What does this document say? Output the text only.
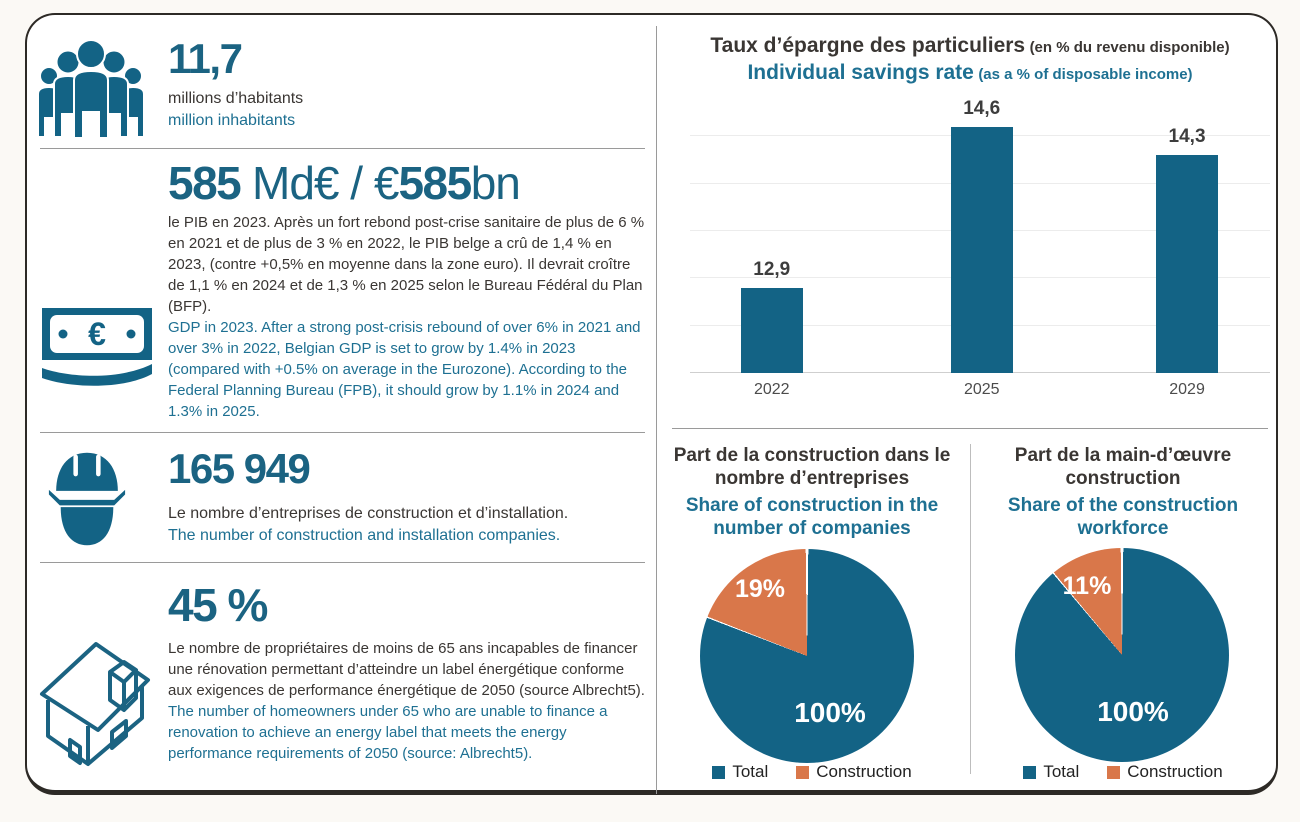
11,7
millions d’habitants
million inhabitants
585 Md€ / €585bn
le PIB en 2023. Après un fort rebond post-crise sanitaire de plus de 6 % en 2021 et de plus de 3 % en 2022, le PIB belge a crû de 1,4 % en 2023, (contre +0,5% en moyenne dans la zone euro). Il devrait croître de 1,1 % en 2024 et de 1,3 % en 2025 selon le Bureau Fédéral du Plan (BFP).
GDP in 2023. After a strong post-crisis rebound of over 6% in 2021 and over 3% in 2022, Belgian GDP is set to grow by 1.4% in 2023 (compared with +0.5% on average in the Eurozone). According to the Federal Planning Bureau (FPB), it should grow by 1.1% in 2024 and 1.3% in 2025.
€
165 949
Le nombre d’entreprises de construction et d’installation.
The number of construction and installation companies.
45 %
Le nombre de propriétaires de moins de 65 ans incapables de financer une rénovation permettant d’atteindre un label énergétique conforme aux exigences de performance énergétique de 2050 (source Albrecht5).
The number of homeowners under 65 who are unable to finance a renovation to achieve an energy label that meets the energy performance requirements of 2050 (source: Albrecht5).
Taux d’épargne des particuliers (en % du revenu disponible)
Individual savings rate (as a % of disposable income)
12,9
2022
14,6
2025
14,3
2029
Part de la construction dans le nombre d’entreprises
Share of construction in the number of companies
19%
100%
Total	Construction
Part de la main-d’œuvre construction
Share of the construction workforce
11%
100%
Total	Construction
